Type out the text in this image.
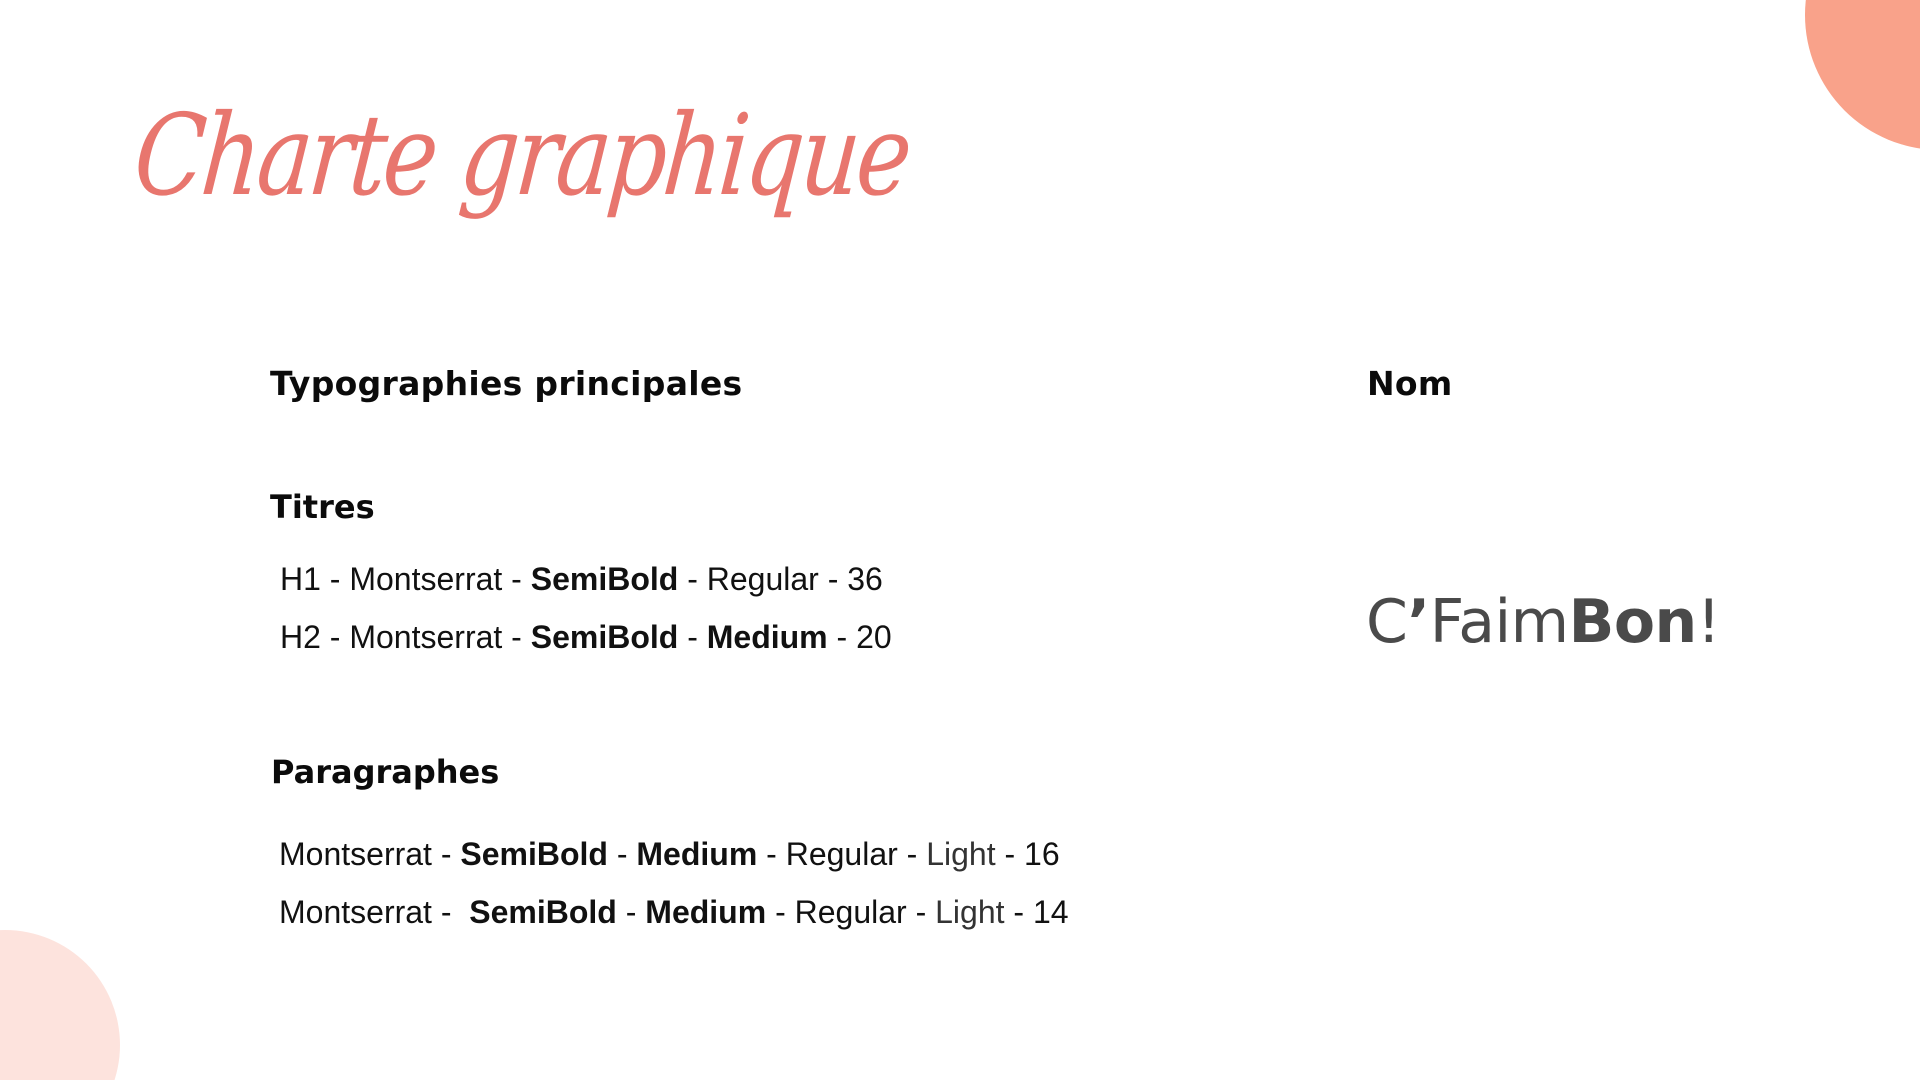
Charte graphique
Typographies principales
Titres

H1 - Montserrat - SemiBold - Regular - 36

H2 - Montserrat - SemiBold - Medium - 20

Paragraphes

Montserrat - SemiBold - Medium - Regular - Light - 16

Montserrat -  SemiBold - Medium - Regular - Light - 14

Nom
C’FaimBon!
